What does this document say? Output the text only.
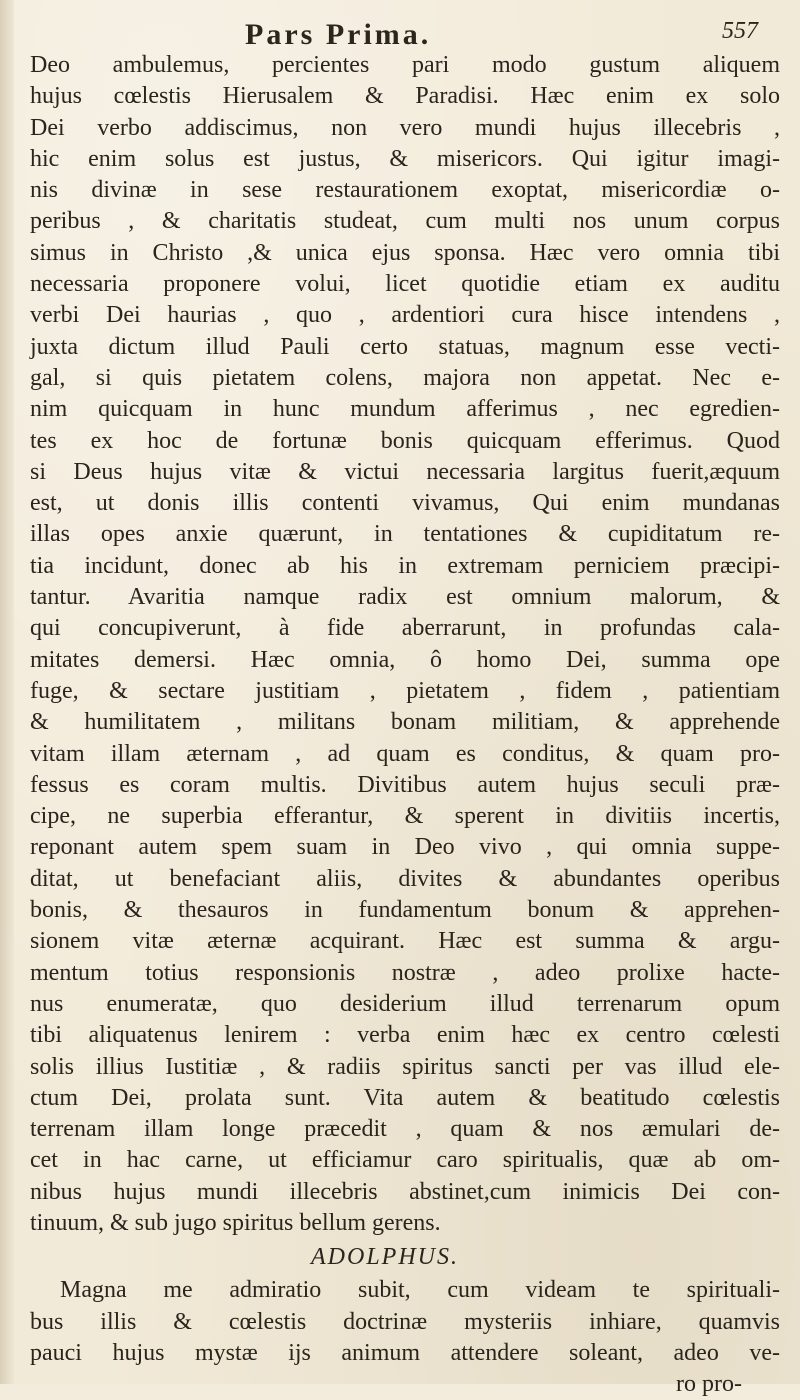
Pars Prima.	557
Deo ambulemus, percientes pari modo gustum aliquem
hujus cœlestis Hierusalem & Paradisi. Hæc enim ex solo
Dei verbo addiscimus, non vero mundi hujus illecebris ,
hic enim solus est justus, & misericors. Qui igitur imagi-
nis divinæ in sese restaurationem exoptat, misericordiæ o-
peribus , & charitatis studeat, cum multi nos unum corpus
simus in Christo ,& unica ejus sponsa. Hæc vero omnia tibi
necessaria proponere volui, licet quotidie etiam ex auditu
verbi Dei haurias , quo , ardentiori cura hisce intendens ,
juxta dictum illud Pauli certo statuas, magnum esse vecti-
gal, si quis pietatem colens, majora non appetat. Nec e-
nim quicquam in hunc mundum afferimus , nec egredien-
tes ex hoc de fortunæ bonis quicquam efferimus. Quod
si Deus hujus vitæ & victui necessaria largitus fuerit,æquum
est, ut donis illis contenti vivamus, Qui enim mundanas
illas opes anxie quærunt, in tentationes & cupiditatum re-
tia incidunt, donec ab his in extremam perniciem præcipi-
tantur. Avaritia namque radix est omnium malorum, &
qui concupiverunt, à fide aberrarunt, in profundas cala-
mitates demersi. Hæc omnia, ô homo Dei, summa ope
fuge, & sectare justitiam , pietatem , fidem , patientiam
& humilitatem , militans bonam militiam, & apprehende
vitam illam æternam , ad quam es conditus, & quam pro-
fessus es coram multis. Divitibus autem hujus seculi præ-
cipe, ne superbia efferantur, & sperent in divitiis incertis,
reponant autem spem suam in Deo vivo , qui omnia suppe-
ditat, ut benefaciant aliis, divites & abundantes operibus
bonis, & thesauros in fundamentum bonum & apprehen-
sionem vitæ æternæ acquirant. Hæc est summa & argu-
mentum totius responsionis nostræ , adeo prolixe hacte-
nus enumeratæ, quo desiderium illud terrenarum opum
tibi aliquatenus lenirem : verba enim hæc ex centro cœlesti
solis illius Iustitiæ , & radiis spiritus sancti per vas illud ele-
ctum Dei, prolata sunt. Vita autem & beatitudo cœlestis
terrenam illam longe præcedit , quam & nos æmulari de-
cet in hac carne, ut efficiamur caro spiritualis, quæ ab om-
nibus hujus mundi illecebris abstinet,cum inimicis Dei con-
tinuum, & sub jugo spiritus bellum gerens.
ADOLPHUS.
Magna me admiratio subit, cum videam te spirituali-
bus illis & cœlestis doctrinæ mysteriis inhiare, quamvis
pauci hujus mystæ ijs animum attendere soleant, adeo ve-
ro pro-
